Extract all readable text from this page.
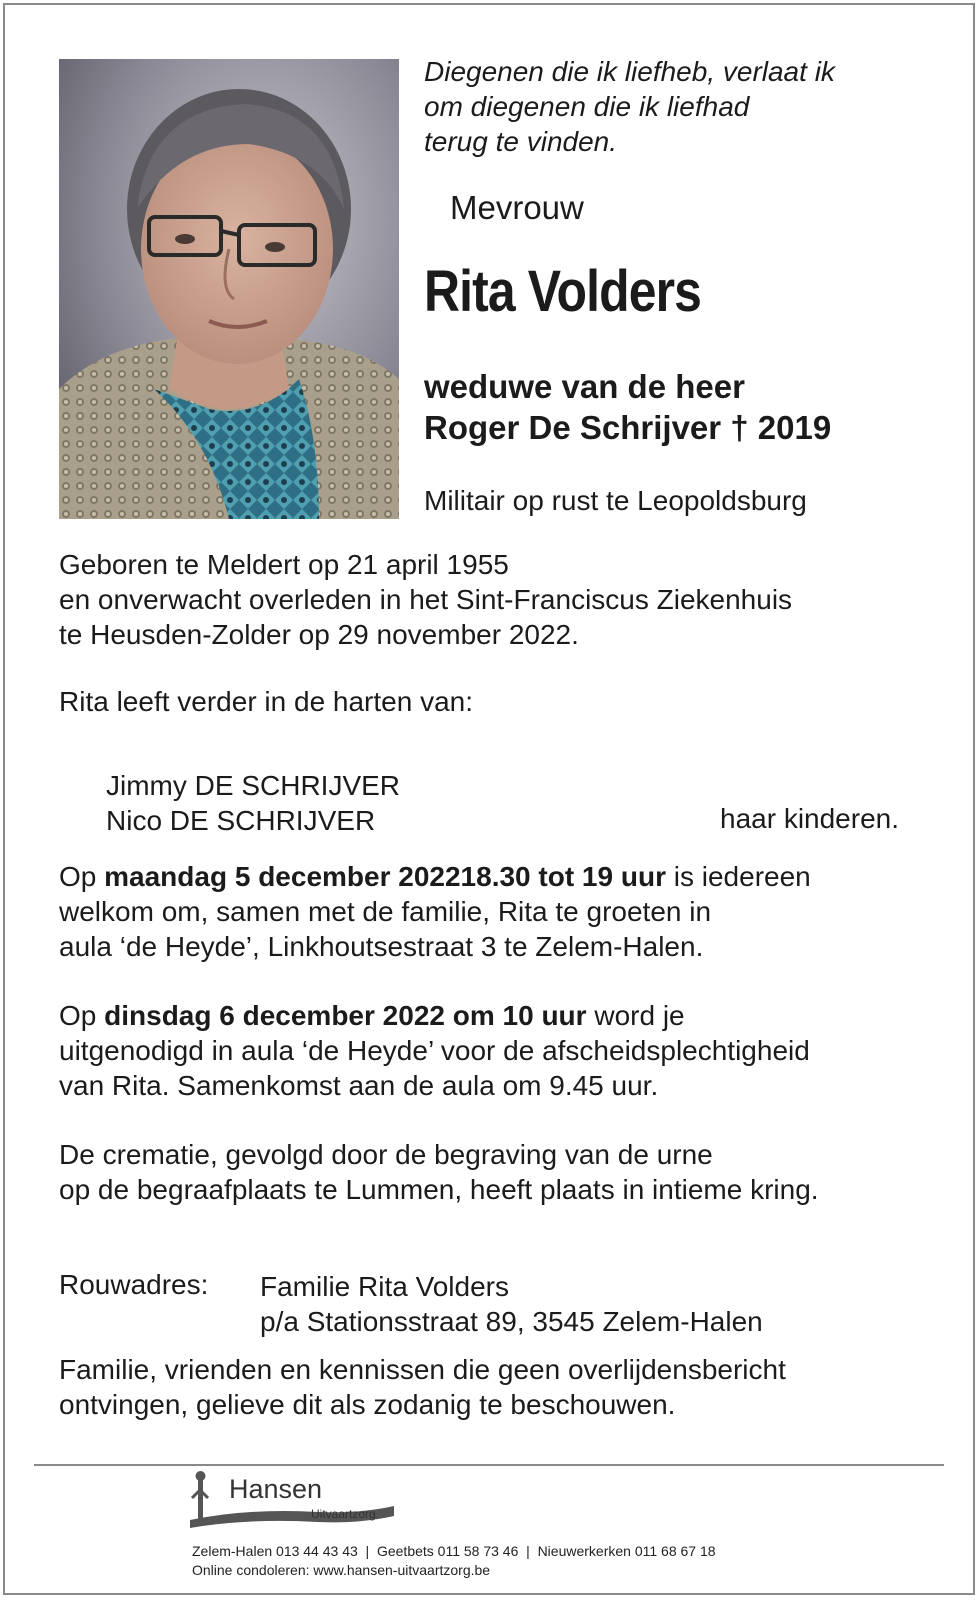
Diegenen die ik liefheb, verlaat ik
om diegenen die ik liefhad
terug te vinden.
Mevrouw
Rita Volders
weduwe van de heer
Roger De Schrijver † 2019
Militair op rust te Leopoldsburg
Geboren te Meldert op 21 april 1955
en onverwacht overleden in het Sint-Franciscus Ziekenhuis
te Heusden-Zolder op 29 november 2022.
Rita leeft verder in de harten van:
Jimmy DE SCHRIJVER
Nico DE SCHRIJVER	haar kinderen.
Op maandag 5 december 202218.30 tot 19 uur is iedereen
welkom om, samen met de familie, Rita te groeten in
aula ‘de Heyde’, Linkhoutsestraat 3 te Zelem-Halen.
Op dinsdag 6 december 2022 om 10 uur word je
uitgenodigd in aula ‘de Heyde’ voor de afscheidsplechtigheid
van Rita. Samenkomst aan de aula om 9.45 uur.
De crematie, gevolgd door de begraving van de urne
op de begraafplaats te Lummen, heeft plaats in intieme kring.
Rouwadres: Familie Rita Volders
p/a Stationsstraat 89, 3545 Zelem-Halen
Familie, vrienden en kennissen die geen overlijdensbericht
ontvingen, gelieve dit als zodanig te beschouwen.
Hansen
Uitvaartzorg
Zelem-Halen 013 44 43 43  |  Geetbets 011 58 73 46  |  Nieuwerkerken 011 68 67 18
Online condoleren: www.hansen-uitvaartzorg.be
